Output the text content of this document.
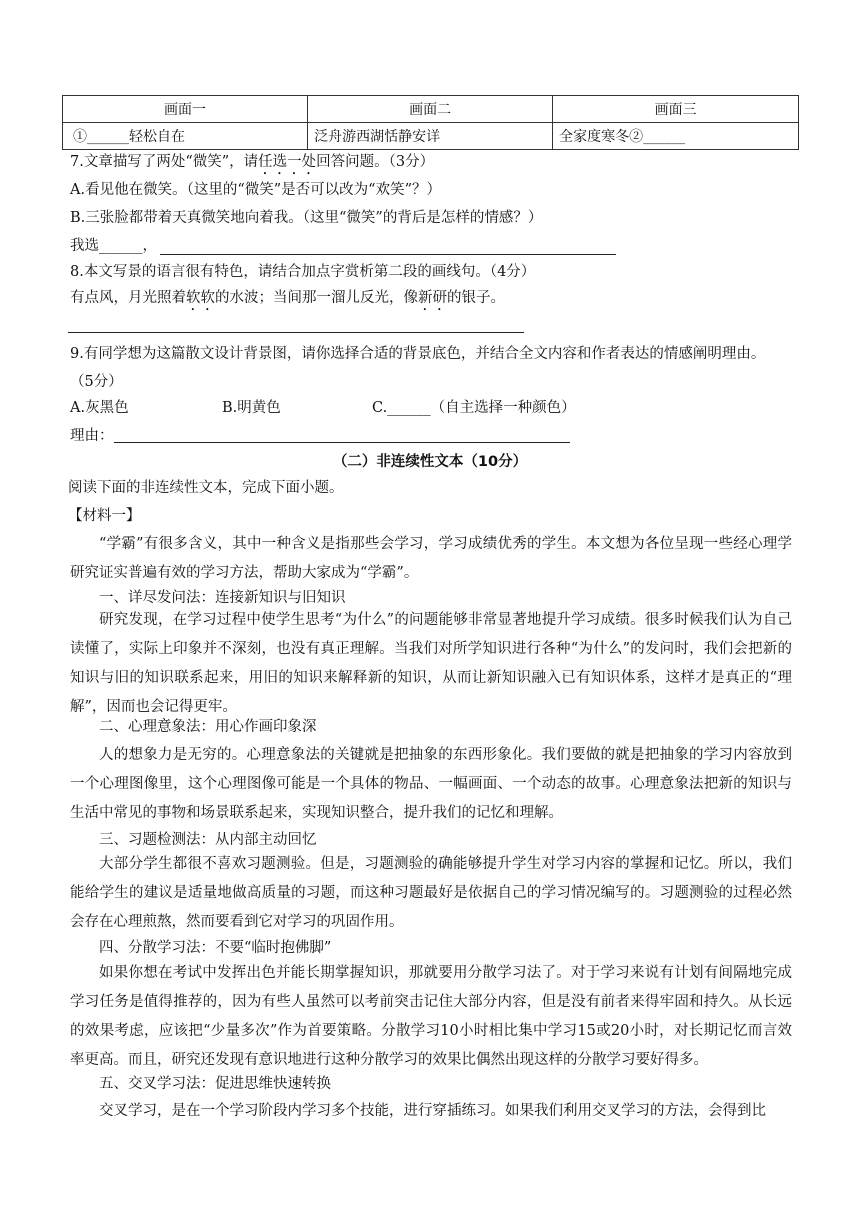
画面一	画面二	画面三
①______轻松自在	泛舟游西湖恬静安详	全家度寒冬②______
7.文章描写了两处“微笑”，请任选一处回答问题。（3分）
A.看见他在微笑。（这里的“微笑”是否可以改为“欢笑”？）
B.三张脸都带着天真微笑地向着我。（这里“微笑”的背后是怎样的情感？）
我选______，
8.本文写景的语言很有特色，请结合加点字赏析第二段的画线句。（4分）
有点风，月光照着软软的水波；当间那一溜儿反光，像新研的银子。
9.有同学想为这篇散文设计背景图，请你选择合适的背景底色，并结合全文内容和作者表达的情感阐明理由。
（5分）
A.灰黑色	B.明黄色	C.______（自主选择一种颜色）
理由：
（二）非连续性文本（10分）
阅读下面的非连续性文本，完成下面小题。
【材料一】
“学霸”有很多含义，其中一种含义是指那些会学习，学习成绩优秀的学生。本文想为各位呈现一些经心理学研究证实普遍有效的学习方法，帮助大家成为“学霸”。
一、详尽发问法：连接新知识与旧知识
研究发现，在学习过程中使学生思考“为什么”的问题能够非常显著地提升学习成绩。很多时候我们认为自己读懂了，实际上印象并不深刻，也没有真正理解。当我们对所学知识进行各种“为什么”的发问时，我们会把新的知识与旧的知识联系起来，用旧的知识来解释新的知识，从而让新知识融入已有知识体系，这样才是真正的“理解”，因而也会记得更牢。
二、心理意象法：用心作画印象深
人的想象力是无穷的。心理意象法的关键就是把抽象的东西形象化。我们要做的就是把抽象的学习内容放到一个心理图像里，这个心理图像可能是一个具体的物品、一幅画面、一个动态的故事。心理意象法把新的知识与生活中常见的事物和场景联系起来，实现知识整合，提升我们的记忆和理解。
三、习题检测法：从内部主动回忆
大部分学生都很不喜欢习题测验。但是，习题测验的确能够提升学生对学习内容的掌握和记忆。所以，我们能给学生的建议是适量地做高质量的习题，而这种习题最好是依据自己的学习情况编写的。习题测验的过程必然会存在心理煎熬，然而要看到它对学习的巩固作用。
四、分散学习法：不要“临时抱佛脚”
如果你想在考试中发挥出色并能长期掌握知识，那就要用分散学习法了。对于学习来说有计划有间隔地完成学习任务是值得推荐的，因为有些人虽然可以考前突击记住大部分内容，但是没有前者来得牢固和持久。从长远的效果考虑，应该把“少量多次”作为首要策略。分散学习10小时相比集中学习15或20小时，对长期记忆而言效率更高。而且，研究还发现有意识地进行这种分散学习的效果比偶然出现这样的分散学习要好得多。
五、交叉学习法：促进思维快速转换
交叉学习，是在一个学习阶段内学习多个技能，进行穿插练习。如果我们利用交叉学习的方法，会得到比
